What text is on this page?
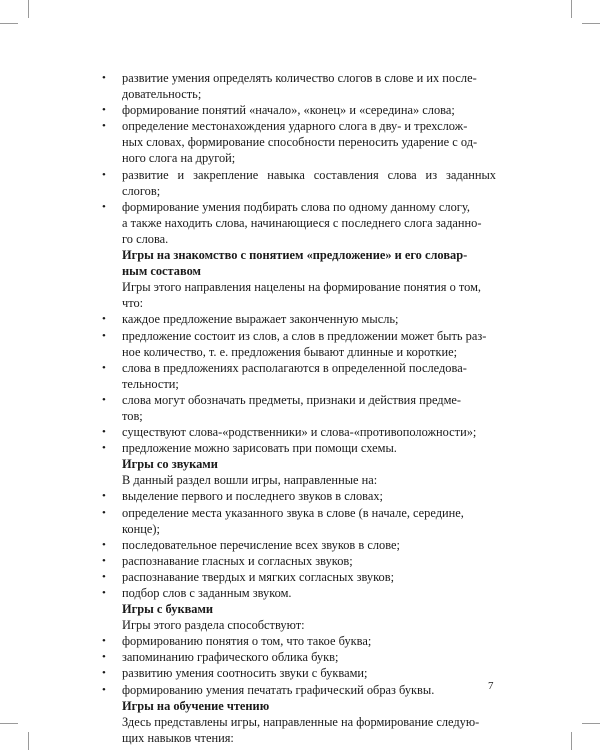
• развитие умения определять количество слогов в слове и их после-
довательность;
• формирование понятий «начало», «конец» и «середина» слова;
• определение местонахождения ударного слога в дву- и трехслож-
ных словах, формирование способности переносить ударение с од-
ного слога на другой;
• развитие и закрепление навыка составления слова из заданных слогов;
• формирование умения подбирать слова по одному данному слогу,
а также находить слова, начинающиеся с последнего слога заданно-
го слова.
Игры на знакомство с понятием «предложение» и его словар-
ным составом
Игры этого направления нацелены на формирование понятия о том,
что:
• каждое предложение выражает законченную мысль;
• предложение состоит из слов, а слов в предложении может быть раз-
ное количество, т. е. предложения бывают длинные и короткие;
• слова в предложениях располагаются в определенной последова-
тельности;
• слова могут обозначать предметы, признаки и действия предме-
тов;
• существуют слова-«родственники» и слова-«противоположности»;
• предложение можно зарисовать при помощи схемы.
Игры со звуками
В данный раздел вошли игры, направленные на:
• выделение первого и последнего звуков в словах;
• определение места указанного звука в слове (в начале, середине,
конце);
• последовательное перечисление всех звуков в слове;
• распознавание гласных и согласных звуков;
• распознавание твердых и мягких согласных звуков;
• подбор слов с заданным звуком.
Игры с буквами
Игры этого раздела способствуют:
• формированию понятия о том, что такое буква;
• запоминанию графического облика букв;
• развитию умения соотносить звуки с буквами;
• формированию умения печатать графический образ буквы.
Игры на обучение чтению
Здесь представлены игры, направленные на формирование следую-
щих навыков чтения:
7
